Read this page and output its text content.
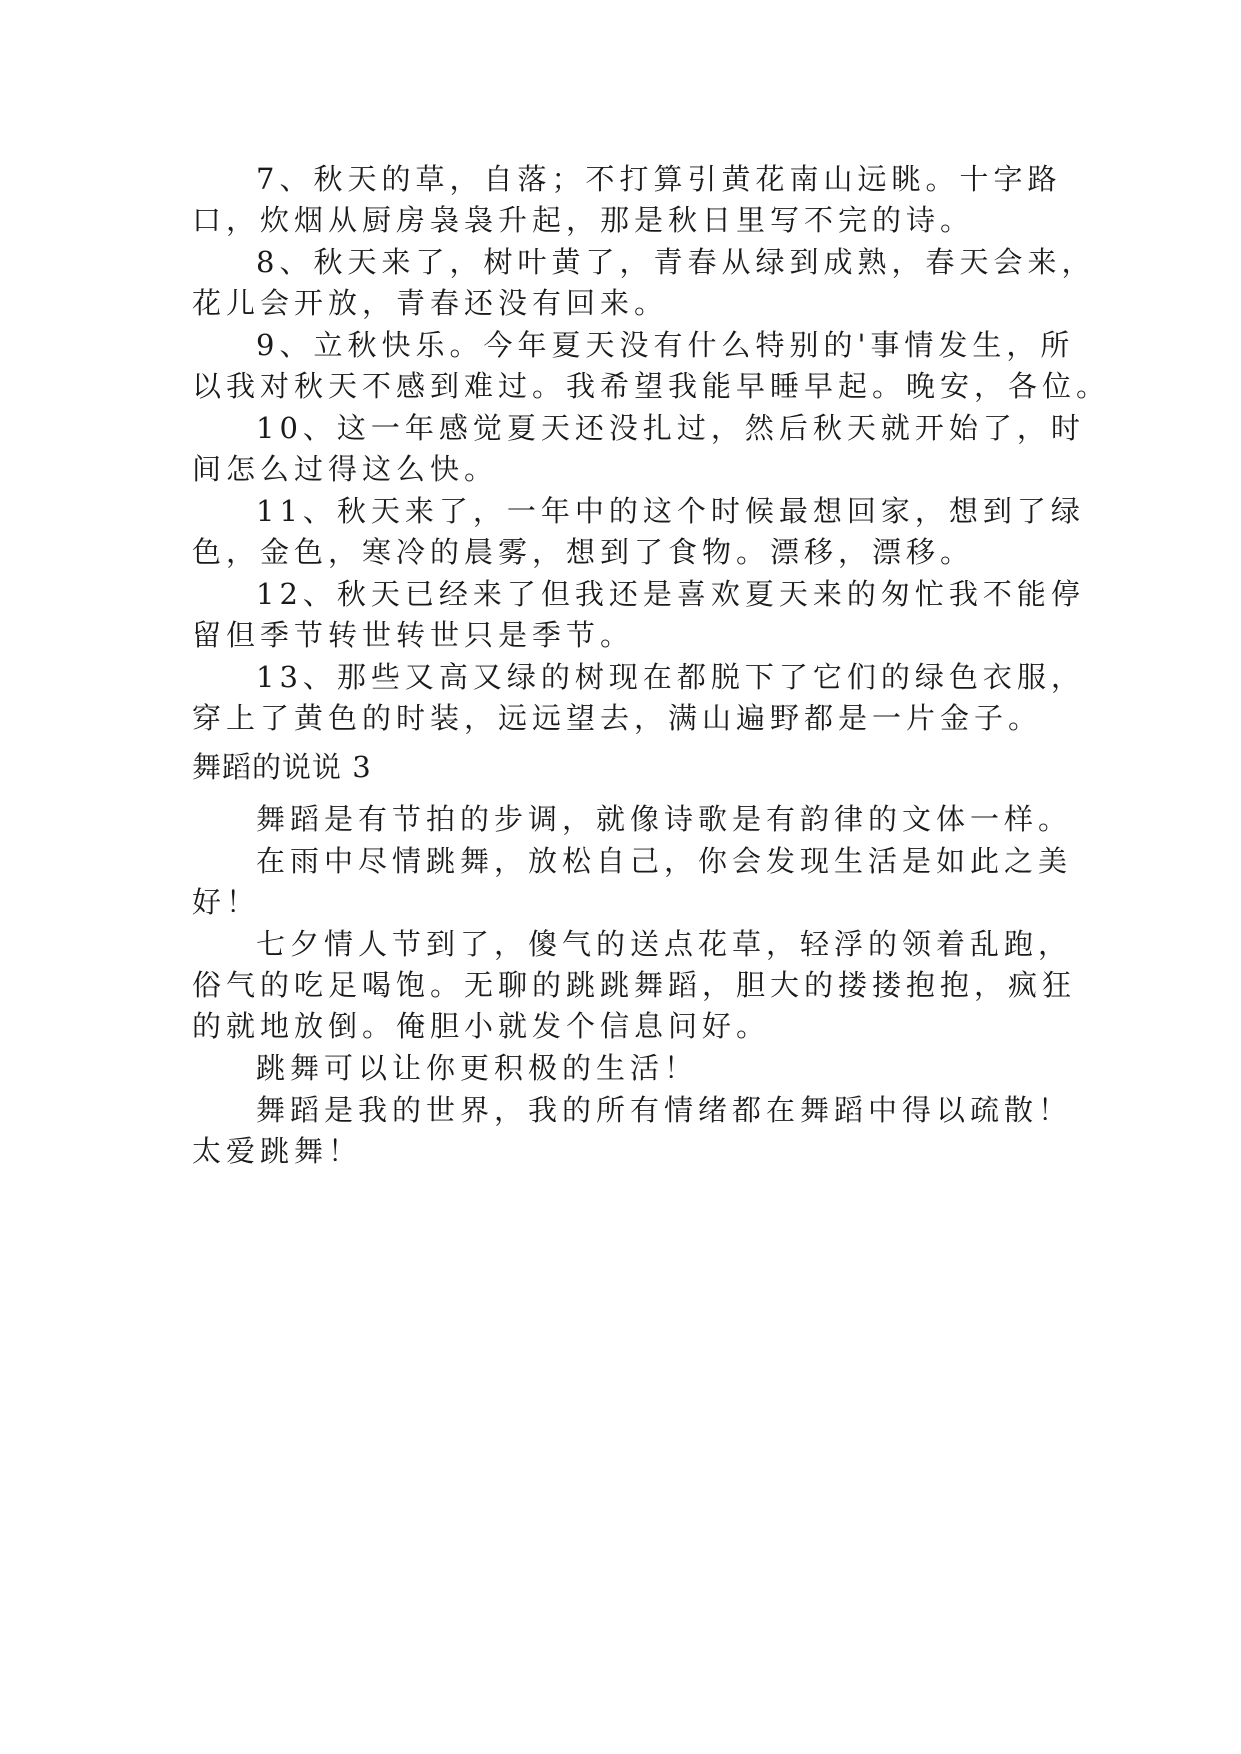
7、秋天的草，自落；不打算引黄花南山远眺。十字路
口，炊烟从厨房袅袅升起，那是秋日里写不完的诗。
8、秋天来了，树叶黄了，青春从绿到成熟，春天会来，
花儿会开放，青春还没有回来。
9、立秋快乐。今年夏天没有什么特别的'事情发生，所
以我对秋天不感到难过。我希望我能早睡早起。晚安，各位。
10、这一年感觉夏天还没扎过，然后秋天就开始了，时
间怎么过得这么快。
11、秋天来了，一年中的这个时候最想回家，想到了绿
色，金色，寒冷的晨雾，想到了食物。漂移，漂移。
12、秋天已经来了但我还是喜欢夏天来的匆忙我不能停
留但季节转世转世只是季节。
13、那些又高又绿的树现在都脱下了它们的绿色衣服，
穿上了黄色的时装，远远望去，满山遍野都是一片金子。
舞蹈的说说 3
舞蹈是有节拍的步调，就像诗歌是有韵律的文体一样。
在雨中尽情跳舞，放松自己，你会发现生活是如此之美
好！
七夕情人节到了，傻气的送点花草，轻浮的领着乱跑，
俗气的吃足喝饱。无聊的跳跳舞蹈，胆大的搂搂抱抱，疯狂
的就地放倒。俺胆小就发个信息问好。
跳舞可以让你更积极的生活！
舞蹈是我的世界，我的所有情绪都在舞蹈中得以疏散！
太爱跳舞！
